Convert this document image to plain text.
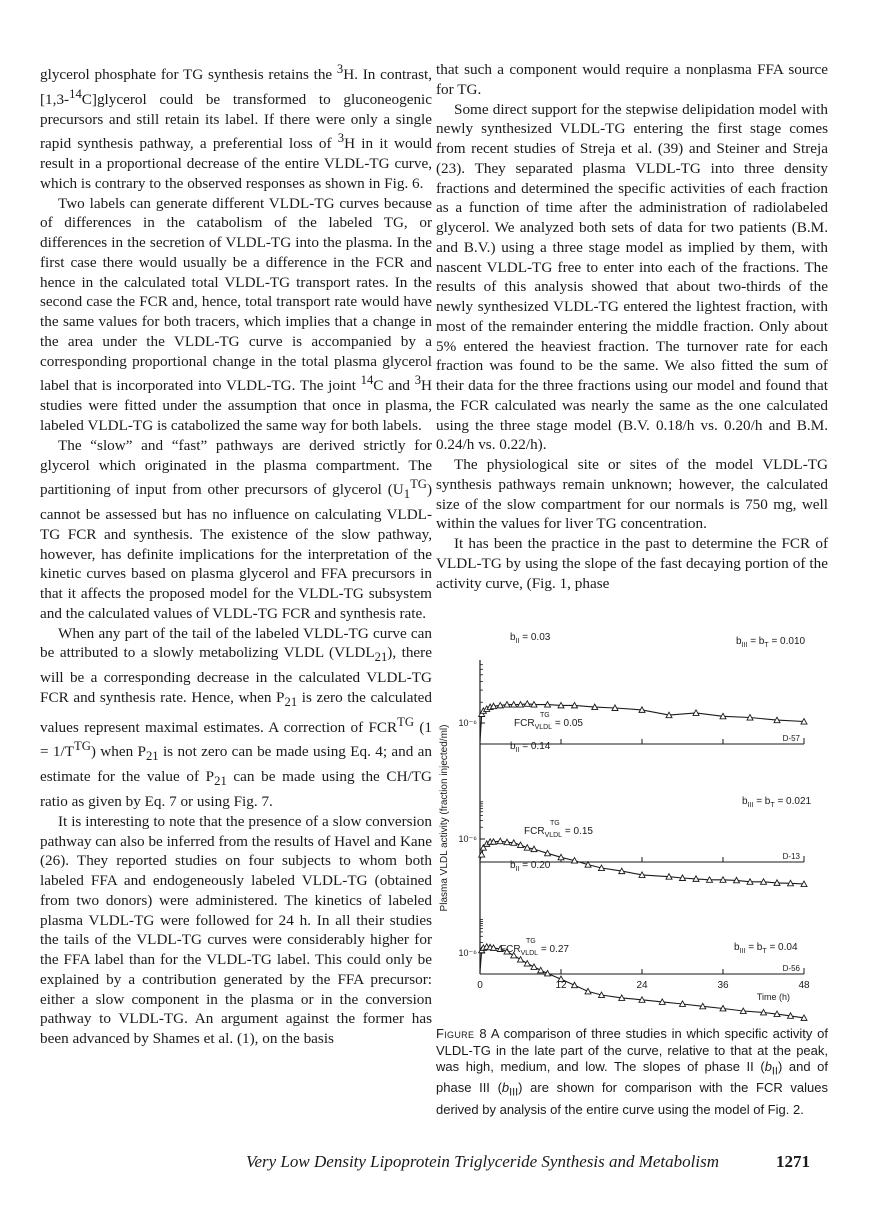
glycerol phosphate for TG synthesis retains the $^3$H. In contrast, [1,3-$^{14}$C]glycerol could be transformed to gluconeogenic precursors and still retain its label. If there were only a single rapid synthesis pathway, a preferential loss of $^3$H in it would result in a proportional decrease of the entire VLDL-TG curve, which is contrary to the observed responses as shown in Fig. 6.

Two labels can generate different VLDL-TG curves because of differences in the catabolism of the labeled TG, or differences in the secretion of VLDL-TG into the plasma. In the first case there would usually be a difference in the FCR and hence in the calculated total VLDL-TG transport rates. In the second case the FCR and, hence, total transport rate would have the same values for both tracers, which implies that a change in the area under the VLDL-TG curve is accompanied by a corresponding proportional change in the total plasma glycerol label that is incorporated into VLDL-TG. The joint $^{14}$C and $^3$H studies were fitted under the assumption that once in plasma, labeled VLDL-TG is catabolized the same way for both labels.

The “slow” and “fast” pathways are derived strictly for glycerol which originated in the plasma compartment. The partitioning of input from other precursors of glycerol $(U_1^{TG})$ cannot be assessed but has no influence on calculating VLDL-TG FCR and synthesis. The existence of the slow pathway, however, has definite implications for the interpretation of the kinetic curves based on plasma glycerol and FFA precursors in that it affects the proposed model for the VLDL-TG subsystem and the calculated values of VLDL-TG FCR and synthesis rate.

When any part of the tail of the labeled VLDL-TG curve can be attributed to a slowly metabolizing VLDL $(VLDL_{21})$, there will be a corresponding decrease in the calculated VLDL-TG FCR and synthesis rate. Hence, when $P_{21}$ is zero the calculated values represent maximal estimates. A correction of $FCR^{TG}$ $(1 = 1/T^{TG})$ when $P_{21}$ is not zero can be made using Eq. 4; and an estimate for the value of $P_{21}$ can be made using the CH/TG ratio as given by Eq. 7 or using Fig. 7.

It is interesting to note that the presence of a slow conversion pathway can also be inferred from the results of Havel and Kane (26). They reported studies on four subjects to whom both labeled FFA and endogeneously labeled VLDL-TG (obtained from two donors) were administered. The kinetics of labeled plasma VLDL-TG were followed for 24 h. In all their studies the tails of the VLDL-TG curves were considerably higher for the FFA label than for the VLDL-TG label. This could only be explained by a contribution generated by the FFA precursor: either a slow component in the plasma or in the conversion pathway to VLDL-TG. An argument against the former has been advanced by Shames et al. (1), on the basis

that such a component would require a nonplasma FFA source for TG.

Some direct support for the stepwise delipidation model with newly synthesized VLDL-TG entering the first stage comes from recent studies of Streja et al. (39) and Steiner and Streja (23). They separated plasma VLDL-TG into three density fractions and determined the specific activities of each fraction as a function of time after the administration of radiolabeled glycerol. We analyzed both sets of data for two patients (B.M. and B.V.) using a three stage model as implied by them, with nascent VLDL-TG free to enter into each of the fractions. The results of this analysis showed that about two-thirds of the newly synthesized VLDL-TG entered the lightest fraction, with most of the remainder entering the middle fraction. Only about 5% entered the heaviest fraction. The turnover rate for each fraction was found to be the same. We also fitted the sum of their data for the three fractions using our model and found that the FCR calculated was nearly the same as the one calculated using the three stage model (B.V. 0.18/h vs. 0.20/h and B.M. 0.24/h vs. 0.22/h).

The physiological site or sites of the model VLDL-TG synthesis pathways remain unknown; however, the calculated size of the slow compartment for our normals is 750 mg, well within the values for liver TG concentration.

It has been the practice in the past to determine the FCR of VLDL-TG by using the slope of the fast decaying portion of the activity curve, (Fig. 1, phase

10⁻⁶
$b_{II} = 0.03$	$b_{III} = b_T = 0.010$
$FCR_{VLDL} = 0.05$
TG
D-57
10⁻⁶
$b_{II} = 0.14$
$b_{III} = b_T = 0.021$
$FCR_{VLDL} = 0.15$
TG
D-13
10⁻⁶
$b_{II} = 0.20$
$b_{III} = b_T = 0.04$
$FCR_{VLDL} = 0.27$
TG
D-56
0	12	24	36	48
Time (h)
Plasma VLDL activity (fraction injected/ml)
Figure 8 A comparison of three studies in which specific activity of VLDL-TG in the late part of the curve, relative to that at the peak, was high, medium, and low. The slopes of phase II $(b_{II})$ and of phase III $(b_{III})$ are shown for comparison with the FCR values derived by analysis of the entire curve using the model of Fig. 2.
Very Low Density Lipoprotein Triglyceride Synthesis and Metabolism	1271
